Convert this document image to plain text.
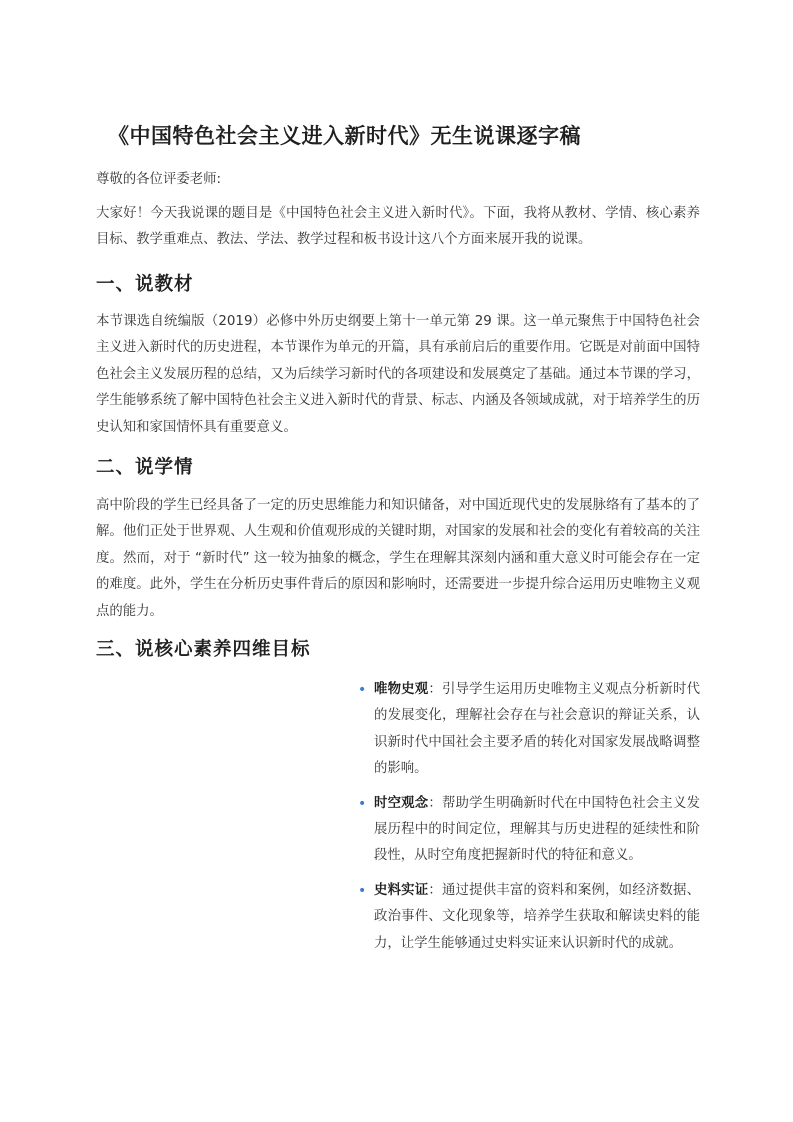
《中国特色社会主义进入新时代》无生说课逐字稿

尊敬的各位评委老师:

大家好！今天我说课的题目是《中国特色社会主义进入新时代》。下面，我将从教材、学情、核心素养目标、教学重难点、教法、学法、教学过程和板书设计这八个方面来展开我的说课。

一、说教材

本节课选自统编版（2019）必修中外历史纲要上第十一单元第 29 课。这一单元聚焦于中国特色社会主义进入新时代的历史进程，本节课作为单元的开篇，具有承前启后的重要作用。它既是对前面中国特色社会主义发展历程的总结，又为后续学习新时代的各项建设和发展奠定了基础。通过本节课的学习，学生能够系统了解中国特色社会主义进入新时代的背景、标志、内涵及各领域成就，对于培养学生的历史认知和家国情怀具有重要意义。

二、说学情

高中阶段的学生已经具备了一定的历史思维能力和知识储备，对中国近现代史的发展脉络有了基本的了解。他们正处于世界观、人生观和价值观形成的关键时期，对国家的发展和社会的变化有着较高的关注度。然而，对于 “新时代” 这一较为抽象的概念，学生在理解其深刻内涵和重大意义时可能会存在一定的难度。此外，学生在分析历史事件背后的原因和影响时，还需要进一步提升综合运用历史唯物主义观点的能力。

三、说核心素养四维目标
• 唯物史观：引导学生运用历史唯物主义观点分析新时代的发展变化，理解社会存在与社会意识的辩证关系，认识新时代中国社会主要矛盾的转化对国家发展战略调整的影响。
• 时空观念：帮助学生明确新时代在中国特色社会主义发展历程中的时间定位，理解其与历史进程的延续性和阶段性，从时空角度把握新时代的特征和意义。
• 史料实证：通过提供丰富的资料和案例，如经济数据、政治事件、文化现象等，培养学生获取和解读史料的能力，让学生能够通过史料实证来认识新时代的成就。
